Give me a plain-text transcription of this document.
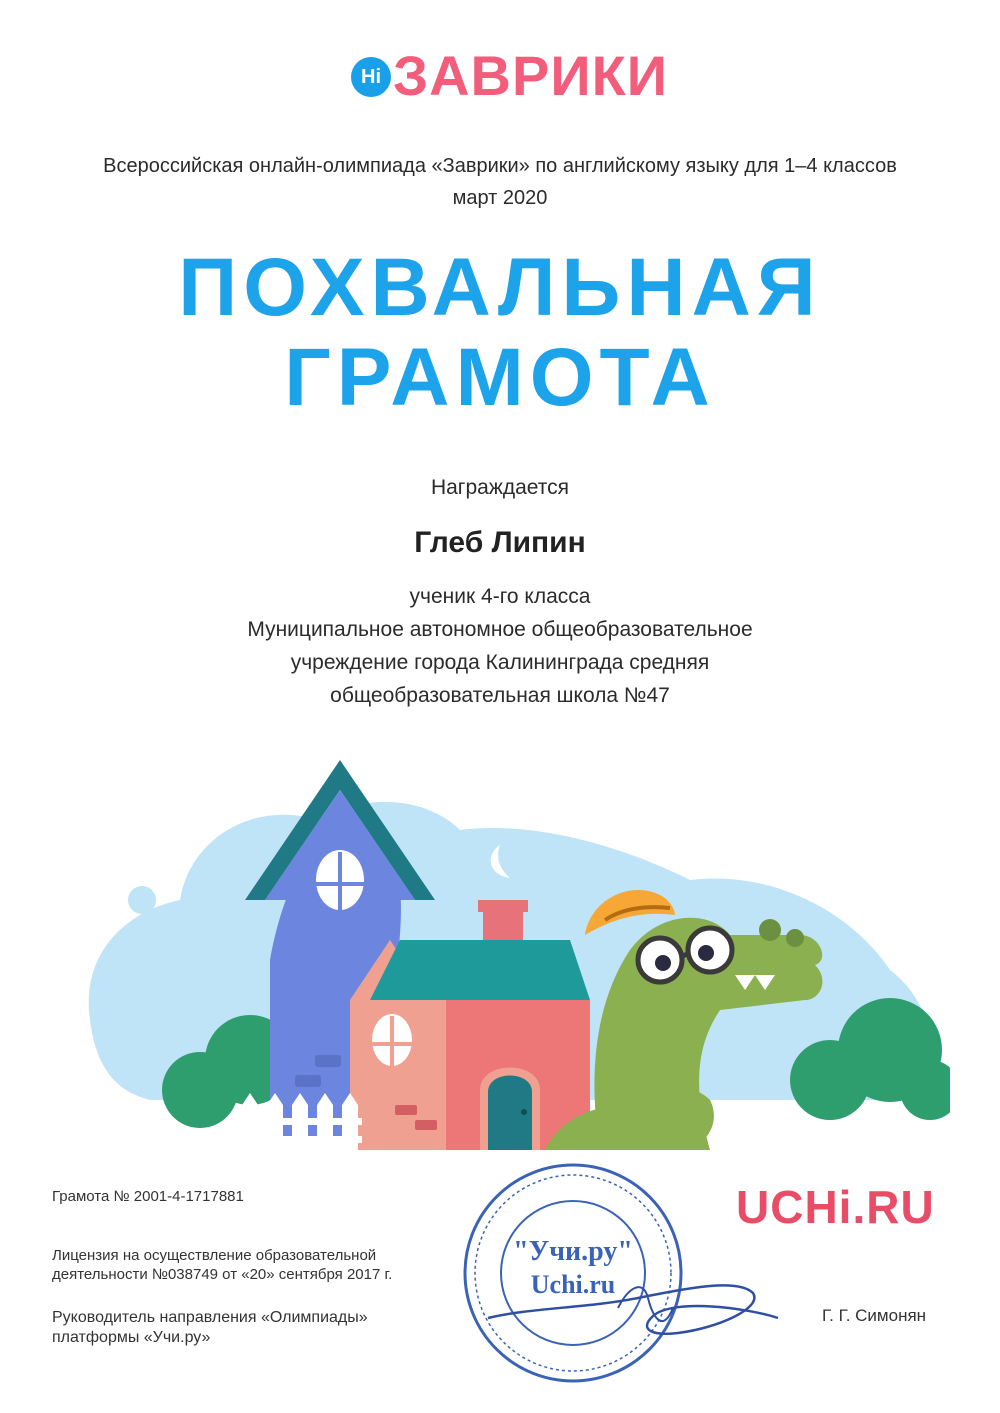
Hi ЗАВРИКИ
Всероссийская онлайн-олимпиада «Заврики» по английскому языку для 1–4 классов
март 2020
ПОХВАЛЬНАЯ
ГРАМОТА
Награждается
Глеб Липин
ученик 4-го класса
Муниципальное автономное общеобразовательное
учреждение города Калининграда средняя
общеобразовательная школа №47
Грамота № 2001-4-1717881
Лицензия на осуществление образовательной
деятельности №038749 от «20» сентября 2017 г.
Руководитель направления «Олимпиады»
платформы «Учи.ру»
"Учи.ру"
Uchi.ru
UCHi.RU
Г. Г. Симонян
